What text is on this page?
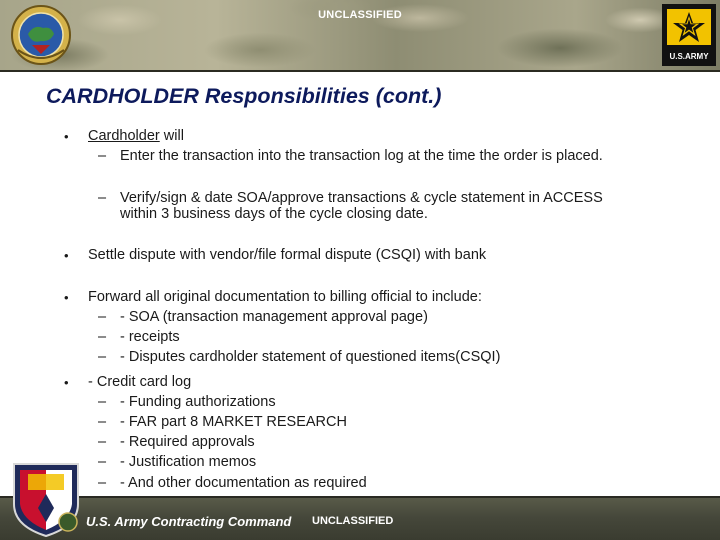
UNCLASSIFIED
U.S.ARMY
CARDHOLDER Responsibilities (cont.)
• Cardholder will
– Enter the transaction into the transaction log at the time the order is placed.
– Verify/sign & date SOA/approve transactions & cycle statement in ACCESS
within 3 business days of the cycle closing date.
• Settle dispute with vendor/file formal dispute (CSQI) with bank
• Forward all original documentation to billing official to include:
– - SOA (transaction management approval page)
– - receipts
– - Disputes cardholder statement of questioned items(CSQI)
• - Credit card log
– - Funding authorizations
– - FAR part 8 MARKET RESEARCH
– - Required approvals
– - Justification memos
– - And other documentation as required
U.S. Army Contracting Command UNCLASSIFIED
